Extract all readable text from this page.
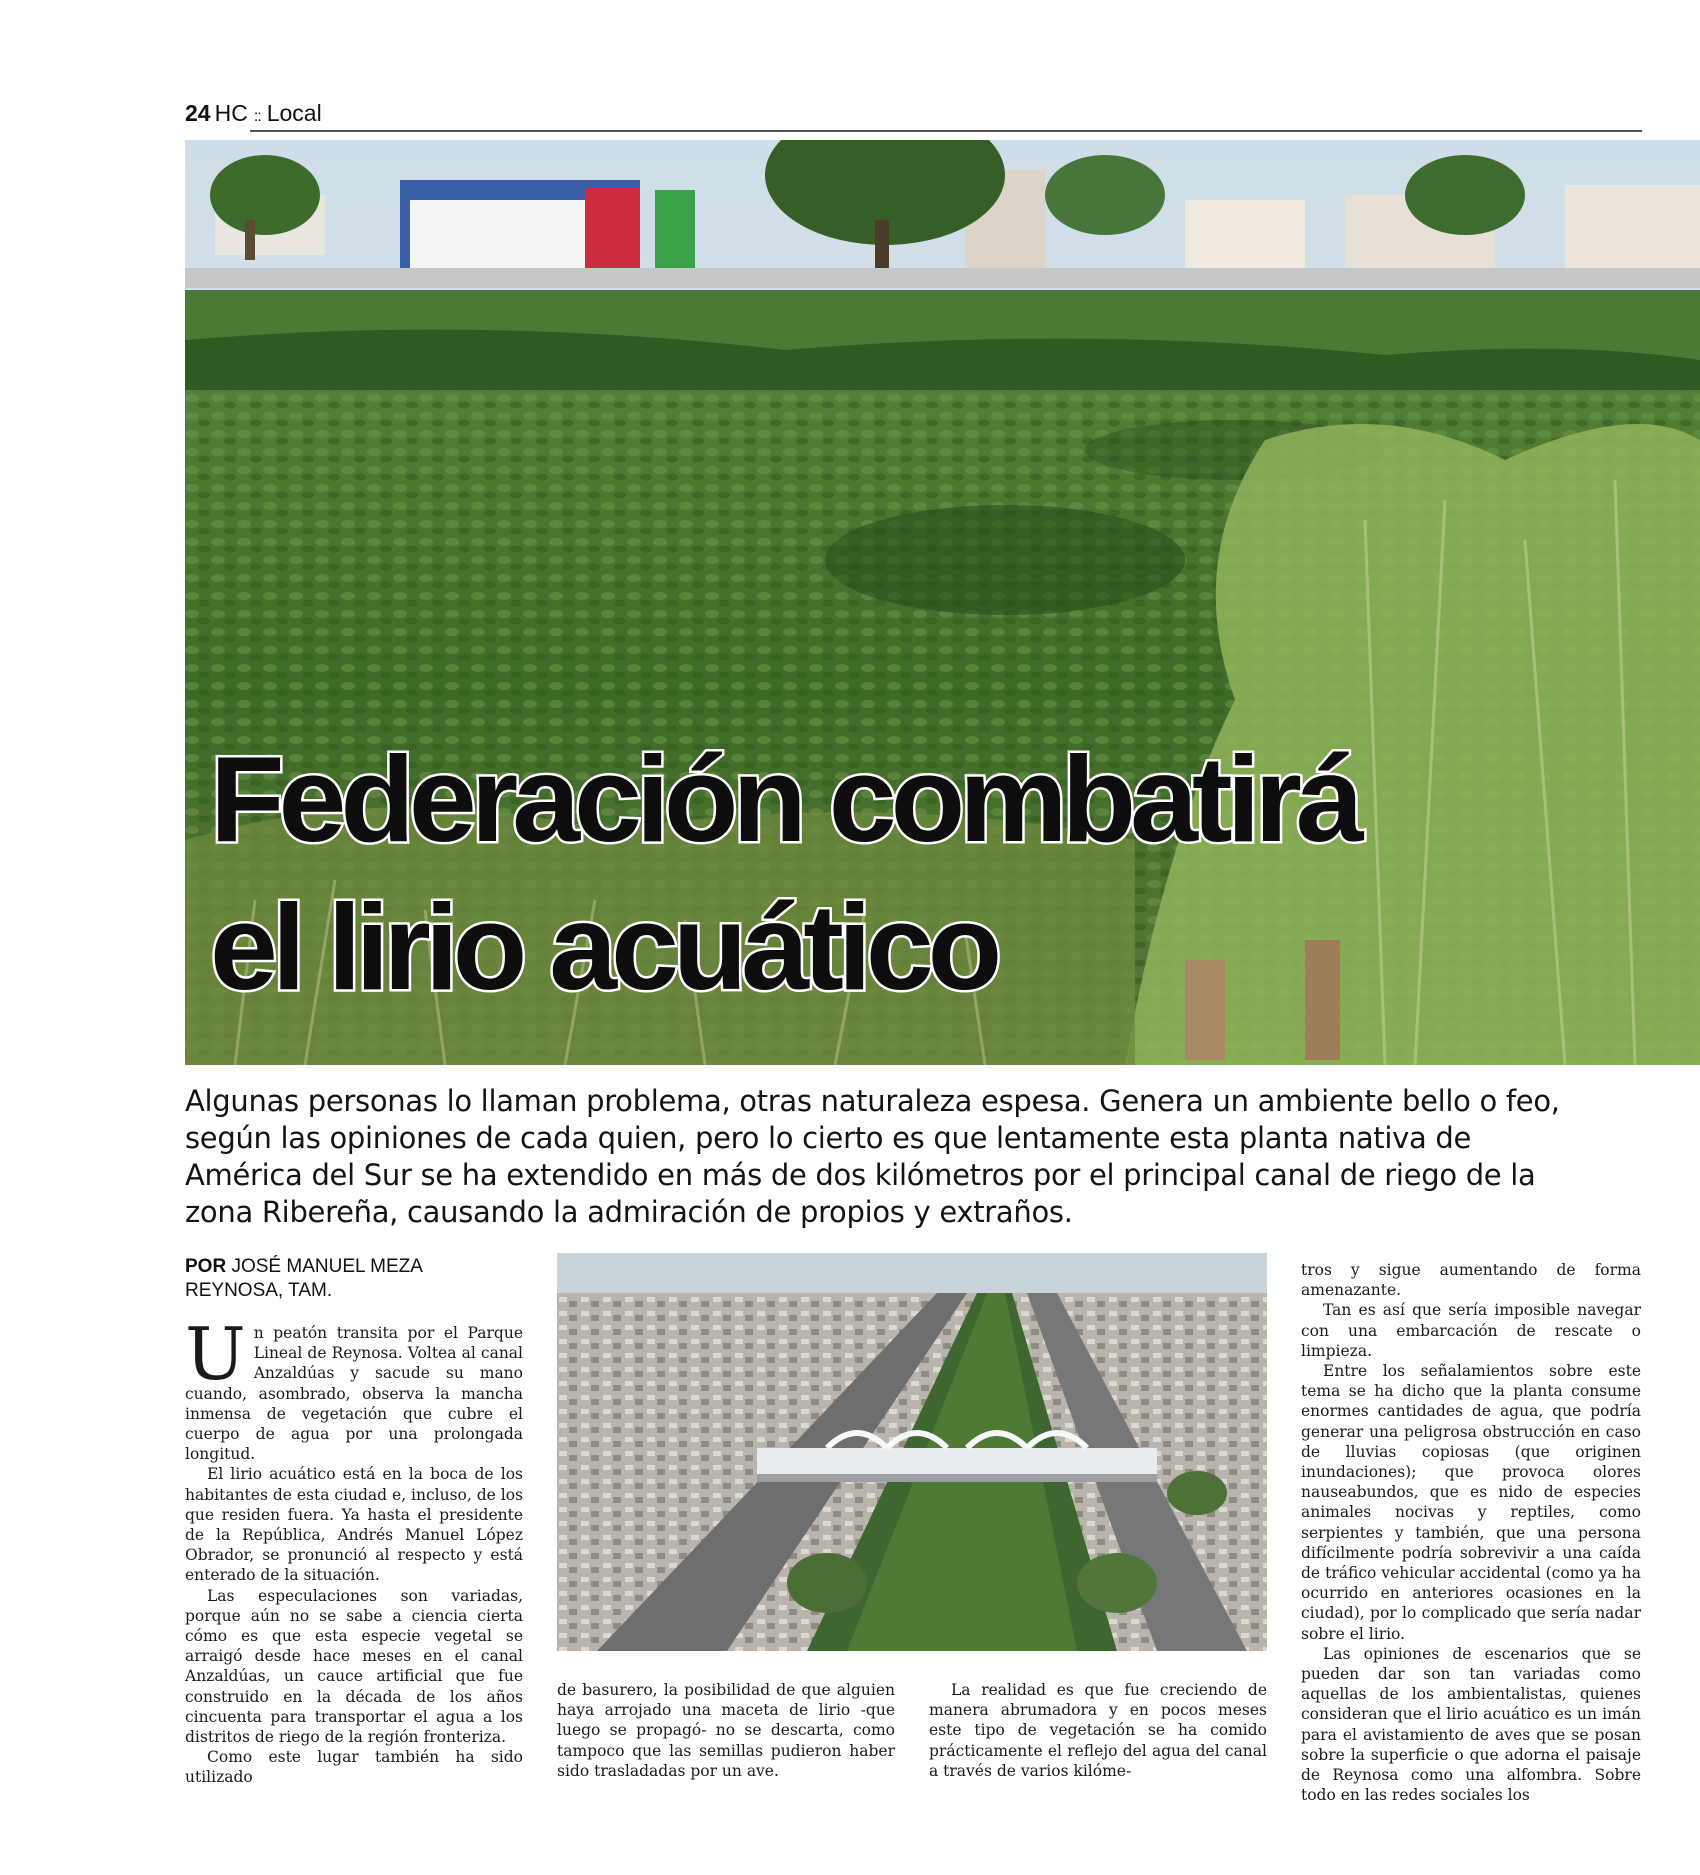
24 HC :: Local
Federación combatirá
el lirio acuático

Algunas personas lo llaman problema, otras naturaleza espesa. Genera un ambiente bello o feo, según las opiniones de cada quien, pero lo cierto es que lentamente esta planta nativa de América del Sur se ha extendido en más de dos kilómetros por el principal canal de riego de la zona Ribereña, causando la admiración de propios y extraños.

POR JOSÉ MANUEL MEZA
REYNOSA, TAM.

Un peatón transita por el Parque Lineal de Reynosa. Voltea al canal Anzaldúas y sacude su mano cuando, asombrado, observa la mancha inmensa de vegetación que cubre el cuerpo de agua por una prolongada longitud.

El lirio acuático está en la boca de los habitantes de esta ciudad e, incluso, de los que residen fuera. Ya hasta el presidente de la República, Andrés Manuel López Obrador, se pronunció al respecto y está enterado de la situación.

Las especulaciones son variadas, porque aún no se sabe a ciencia cierta cómo es que esta especie vegetal se arraigó desde hace meses en el canal Anzaldúas, un cauce artificial que fue construido en la década de los años cincuenta para transportar el agua a los distritos de riego de la región fronteriza.

Como este lugar también ha sido utilizado

de basurero, la posibilidad de que alguien haya arrojado una maceta de lirio -que luego se propagó- no se descarta, como tampoco que las semillas pudieron haber sido trasladadas por un ave.

La realidad es que fue creciendo de manera abrumadora y en pocos meses este tipo de vegetación se ha comido prácticamente el reflejo del agua del canal a través de varios kilóme-

tros y sigue aumentando de forma amenazante.

Tan es así que sería imposible navegar con una embarcación de rescate o limpieza.

Entre los señalamientos sobre este tema se ha dicho que la planta consume enormes cantidades de agua, que podría generar una peligrosa obstrucción en caso de lluvias copiosas (que originen inundaciones); que provoca olores nauseabundos, que es nido de especies animales nocivas y reptiles, como serpientes y también, que una persona difícilmente podría sobrevivir a una caída de tráfico vehicular accidental (como ya ha ocurrido en anteriores ocasiones en la ciudad), por lo complicado que sería nadar sobre el lirio.

Las opiniones de escenarios que se pueden dar son tan variadas como aquellas de los ambientalistas, quienes consideran que el lirio acuático es un imán para el avistamiento de aves que se posan sobre la superficie o que adorna el paisaje de Reynosa como una alfombra. Sobre todo en las redes sociales los
